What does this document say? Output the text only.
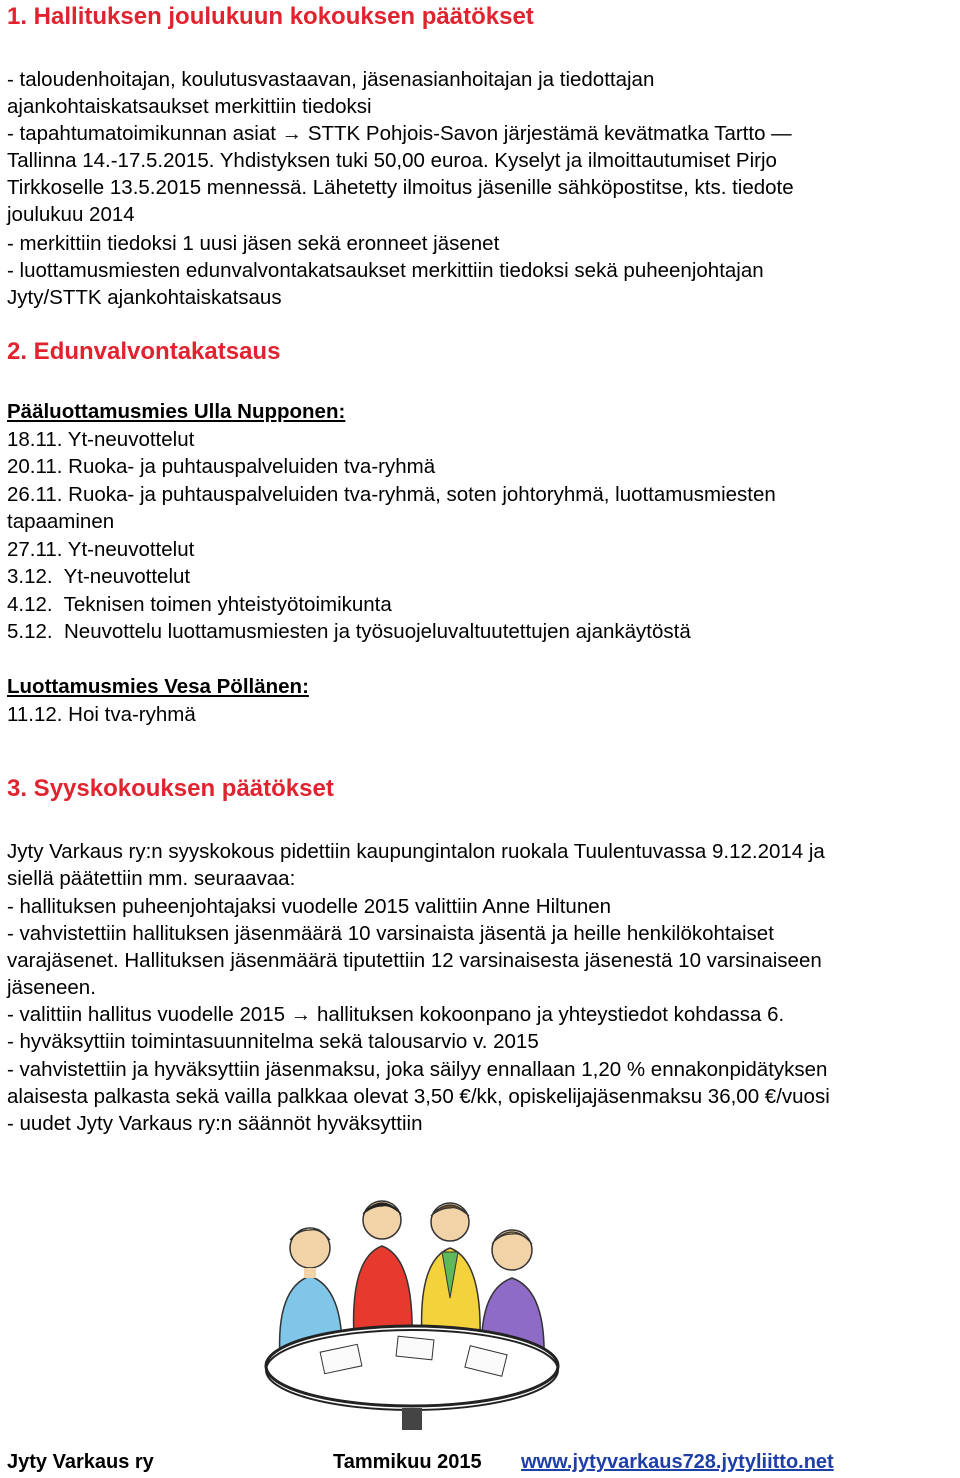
1. Hallituksen joulukuun kokouksen päätökset
- taloudenhoitajan, koulutusvastaavan, jäsenasianhoitajan ja tiedottajan
ajankohtaiskatsaukset merkittiin tiedoksi
- tapahtumatoimikunnan asiat → STTK Pohjois-Savon järjestämä kevätmatka Tartto —
Tallinna 14.-17.5.2015. Yhdistyksen tuki 50,00 euroa. Kyselyt ja ilmoittautumiset Pirjo
Tirkkoselle 13.5.2015 mennessä. Lähetetty ilmoitus jäsenille sähköpostitse, kts. tiedote
joulukuu 2014
- merkittiin tiedoksi 1 uusi jäsen sekä eronneet jäsenet
- luottamusmiesten edunvalvontakatsaukset merkittiin tiedoksi sekä puheenjohtajan
Jyty/STTK ajankohtaiskatsaus
2. Edunvalvontakatsaus
Pääluottamusmies Ulla Nupponen:
18.11. Yt-neuvottelut
20.11. Ruoka- ja puhtauspalveluiden tva-ryhmä
26.11. Ruoka- ja puhtauspalveluiden tva-ryhmä, soten johtoryhmä, luottamusmiesten
tapaaminen
27.11. Yt-neuvottelut
3.12.  Yt-neuvottelut
4.12.  Teknisen toimen yhteistyötoimikunta
5.12.  Neuvottelu luottamusmiesten ja työsuojeluvaltuutettujen ajankäytöstä
Luottamusmies Vesa Pöllänen:
11.12. Hoi tva-ryhmä
3. Syyskokouksen päätökset
Jyty Varkaus ry:n syyskokous pidettiin kaupungintalon ruokala Tuulentuvassa 9.12.2014 ja
siellä päätettiin mm. seuraavaa:
- hallituksen puheenjohtajaksi vuodelle 2015 valittiin Anne Hiltunen
- vahvistettiin hallituksen jäsenmäärä 10 varsinaista jäsentä ja heille henkilökohtaiset
varajäsenet. Hallituksen jäsenmäärä tiputettiin 12 varsinaisesta jäsenestä 10 varsinaiseen
jäseneen.
- valittiin hallitus vuodelle 2015 → hallituksen kokoonpano ja yhteystiedot kohdassa 6.
- hyväksyttiin toimintasuunnitelma sekä talousarvio v. 2015
- vahvistettiin ja hyväksyttiin jäsenmaksu, joka säilyy ennallaan 1,20 % ennakonpidätyksen
alaisesta palkasta sekä vailla palkkaa olevat 3,50 €/kk, opiskelijajäsenmaksu 36,00 €/vuosi
- uudet Jyty Varkaus ry:n säännöt hyväksyttiin
Jyty Varkaus ry	Tammikuu 2015 www.jytyvarkaus728.jytyliitto.net
